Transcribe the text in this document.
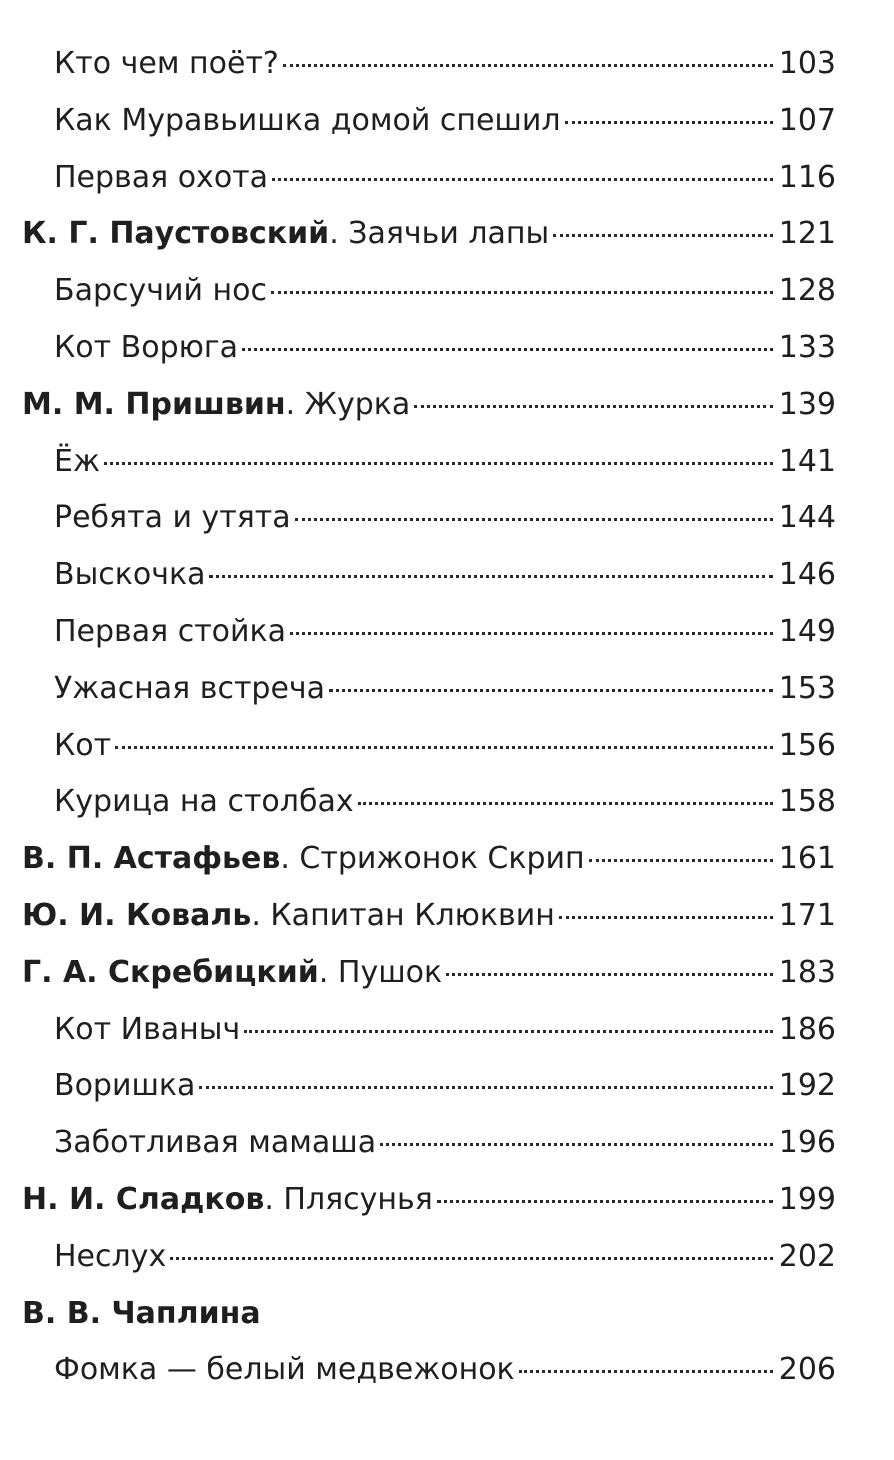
Кто чем поёт?	103
Как Муравьишка домой спешил	107
Первая охота	116
К. Г. Паустовский . Заячьи лапы	121
Барсучий нос	128
Кот Ворюга	133
М. М. Пришвин . Журка	139
Ёж	141
Ребята и утята	144
Выскочка	146
Первая стойка	149
Ужасная встреча	153
Кот	156
Курица на столбах	158
В. П. Астафьев . Стрижонок Скрип	161
Ю. И. Коваль . Капитан Клюквин	171
Г. А. Скребицкий . Пушок	183
Кот Иваныч	186
Воришка	192
Заботливая мамаша	196
Н. И. Сладков . Плясунья	199
Неслух	202
В. В. Чаплина
Фомка — белый медвежонок	206
